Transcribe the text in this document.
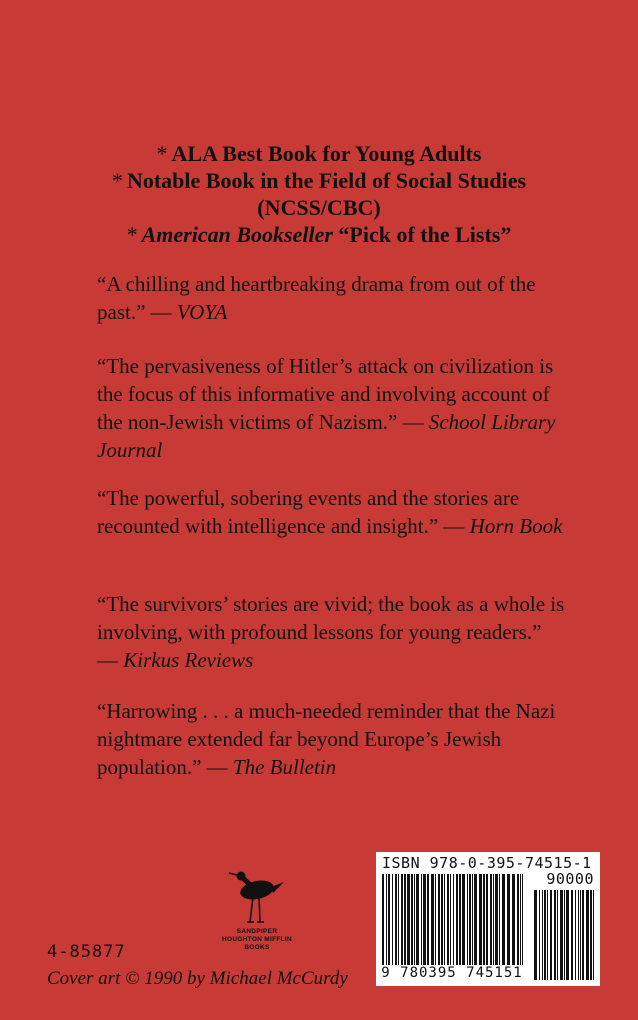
* ALA Best Book for Young Adults
* Notable Book in the Field of Social Studies
(NCSS/CBC)
* American Bookseller “Pick of the Lists”
“A chilling and heartbreaking drama from out of the past.” — VOYA
“The pervasiveness of Hitler’s attack on civilization is the focus of this informative and involving account of the non-Jewish victims of Nazism.” — School Library Journal
“The powerful, sobering events and the stories are recounted with intelligence and insight.” — Horn Book
“The survivors’ stories are vivid; the book as a whole is involving, with profound lessons for young readers.” — Kirkus Reviews
“Harrowing . . . a much-needed reminder that the Nazi nightmare extended far beyond Europe’s Jewish population.” — The Bulletin
SANDPIPER
HOUGHTON MIFFLIN
BOOKS
4-85877
Cover art © 1990 by Michael McCurdy
ISBN 978-0-395-74515-1
90000
9 780395 745151
